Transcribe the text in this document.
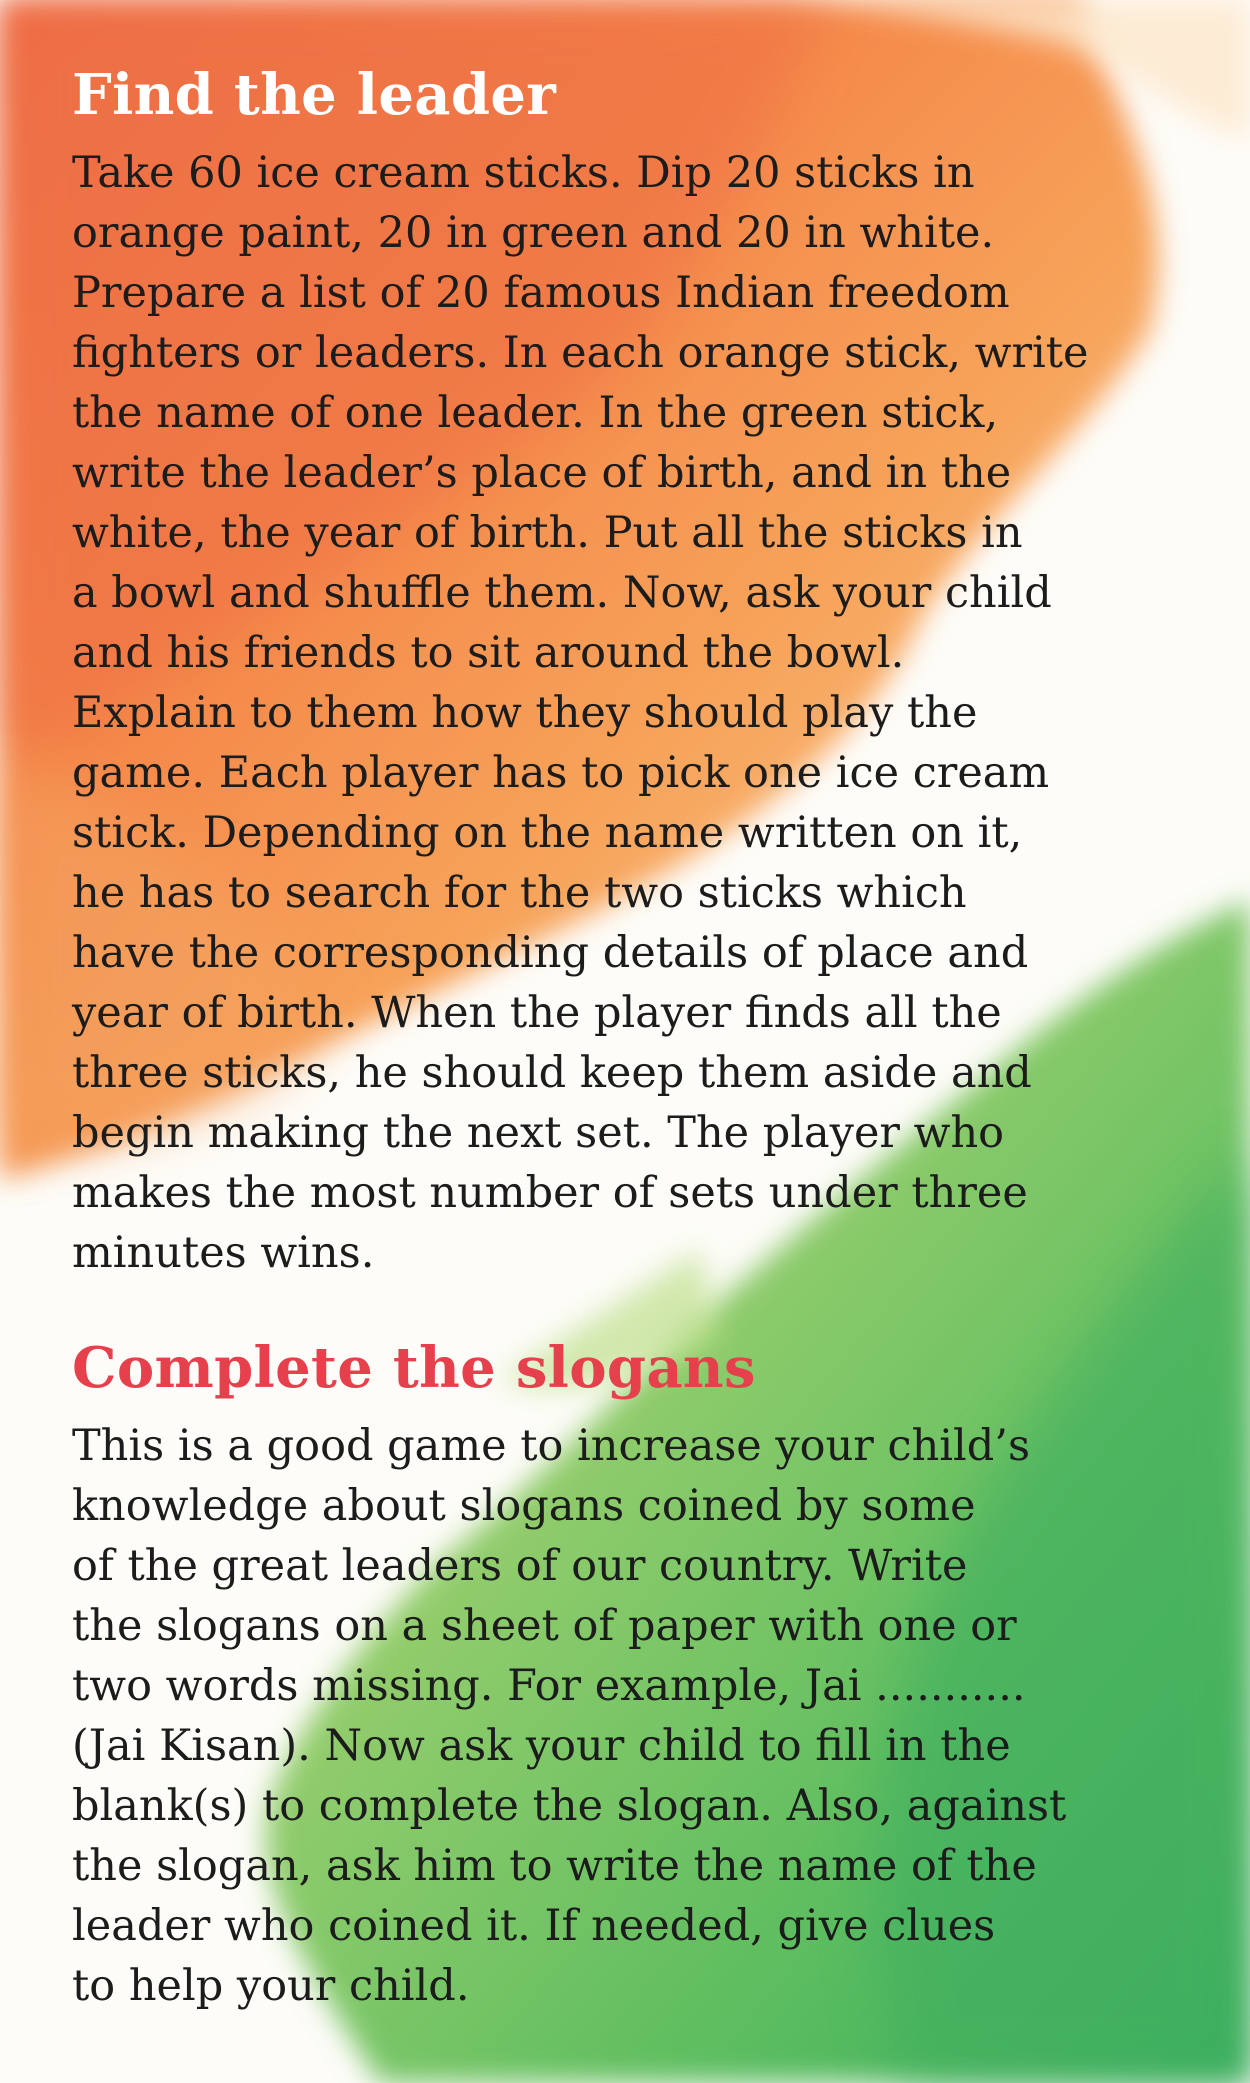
Find the leader
Take 60 ice cream sticks. Dip 20 sticks in
orange paint, 20 in green and 20 in white.
Prepare a list of 20 famous Indian freedom
fighters or leaders. In each orange stick, write
the name of one leader. In the green stick,
write the leader’s place of birth, and in the
white, the year of birth. Put all the sticks in
a bowl and shuffle them. Now, ask your child
and his friends to sit around the bowl.
Explain to them how they should play the
game. Each player has to pick one ice cream
stick. Depending on the name written on it,
he has to search for the two sticks which
have the corresponding details of place and
year of birth. When the player finds all the
three sticks, he should keep them aside and
begin making the next set. The player who
makes the most number of sets under three
minutes wins.
Complete the slogans
This is a good game to increase your child’s
knowledge about slogans coined by some
of the great leaders of our country. Write
the slogans on a sheet of paper with one or
two words missing. For example, Jai ...........
(Jai Kisan). Now ask your child to fill in the
blank(s) to complete the slogan. Also, against
the slogan, ask him to write the name of the
leader who coined it. If needed, give clues
to help your child.
